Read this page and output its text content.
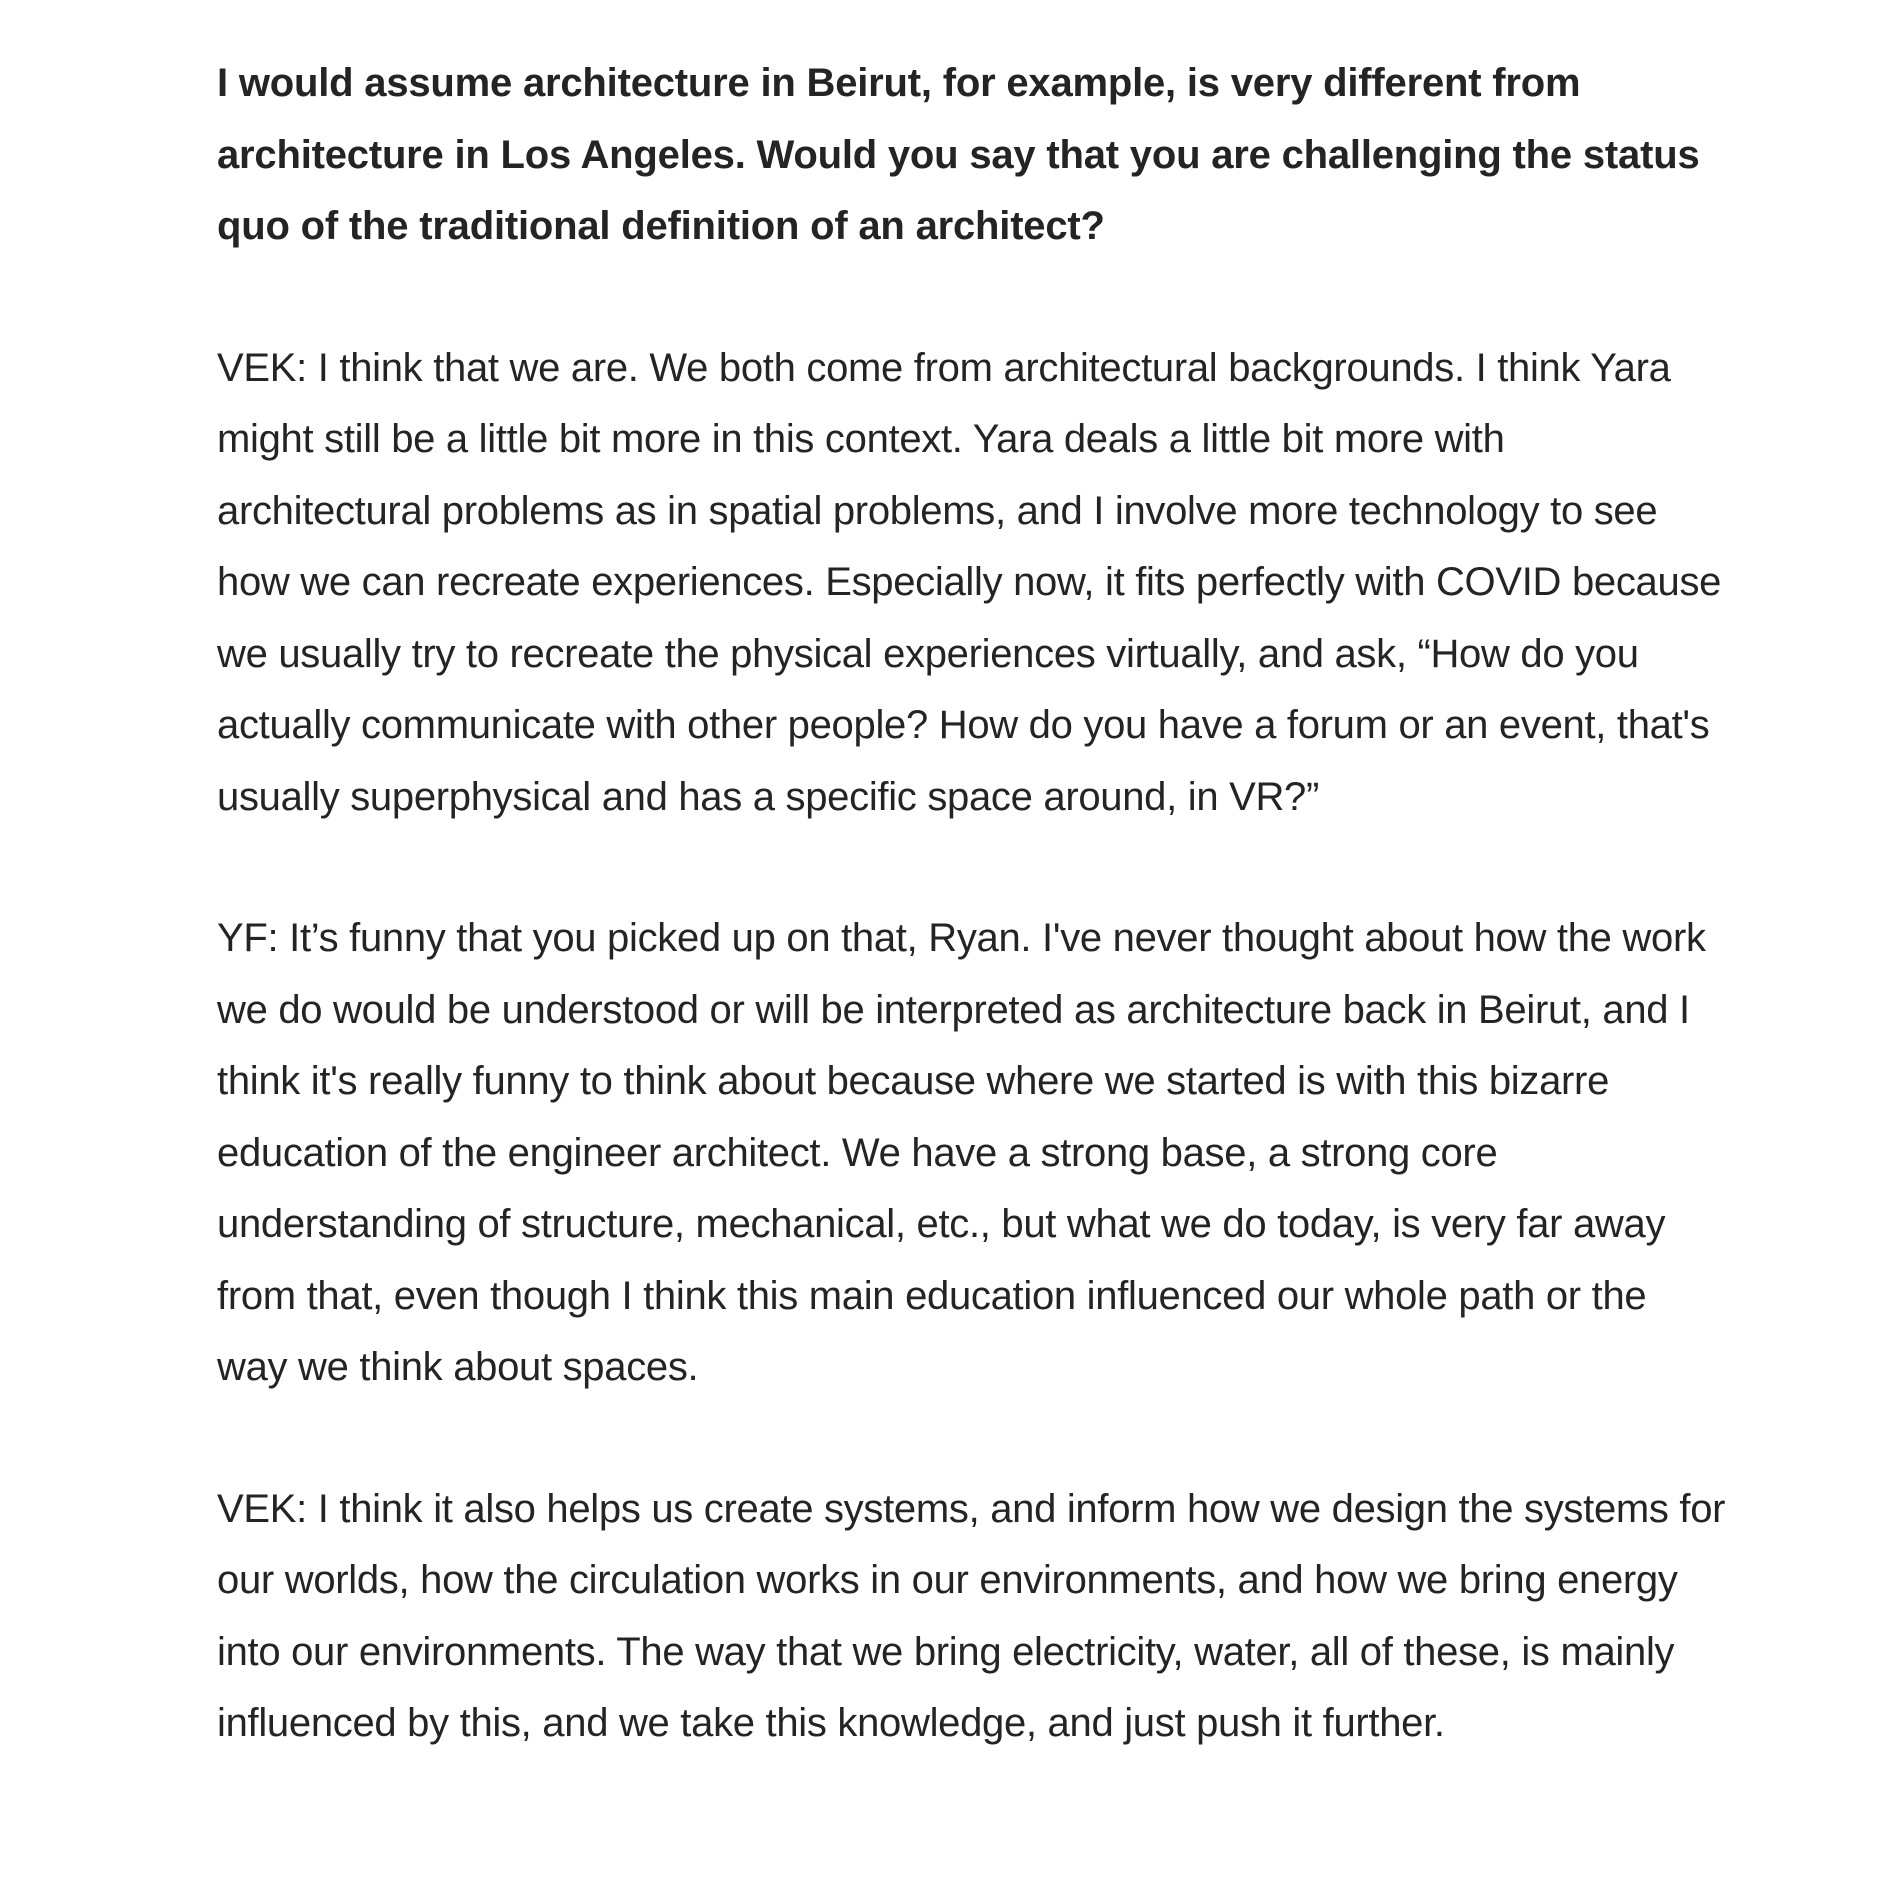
I would assume architecture in Beirut, for example, is very different from architecture in Los Angeles. Would you say that you are challenging the status quo of the traditional definition of an architect?

VEK: I think that we are. We both come from architectural backgrounds. I think Yara might still be a little bit more in this context. Yara deals a little bit more with architectural problems as in spatial problems, and I involve more technology to see how we can recreate experiences. Especially now, it fits perfectly with COVID because we usually try to recreate the physical experiences virtually, and ask, “How do you actually communicate with other people? How do you have a forum or an event, that's usually superphysical and has a specific space around, in VR?”

YF: It’s funny that you picked up on that, Ryan. I've never thought about how the work we do would be understood or will be interpreted as architecture back in Beirut, and I think it's really funny to think about because where we started is with this bizarre education of the engineer architect. We have a strong base, a strong core understanding of structure, mechanical, etc., but what we do today, is very far away from that, even though I think this main education influenced our whole path or the way we think about spaces.

VEK: I think it also helps us create systems, and inform how we design the systems for our worlds, how the circulation works in our environments, and how we bring energy into our environments. The way that we bring electricity, water, all of these, is mainly influenced by this, and we take this knowledge, and just push it further.
